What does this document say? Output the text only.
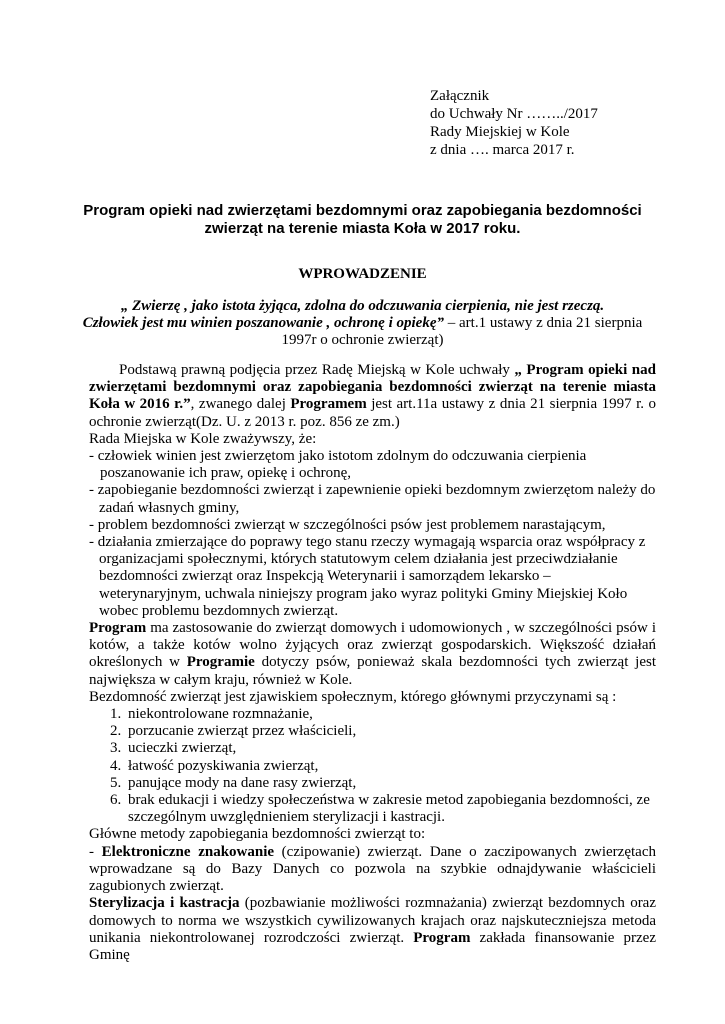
Załącznik
do Uchwały Nr ……../2017
Rady Miejskiej w Kole
z dnia …. marca 2017 r.
Program opieki nad zwierzętami bezdomnymi oraz zapobiegania bezdomności
zwierząt na terenie miasta Koła w 2017 roku.
WPROWADZENIE
„ Zwierzę , jako istota żyjąca, zdolna do odczuwania cierpienia, nie jest rzeczą.
Człowiek jest mu winien poszanowanie , ochronę i opiekę” – art.1 ustawy z dnia 21 sierpnia
1997r o ochronie zwierząt)

Podstawą prawną podjęcia przez Radę Miejską w Kole uchwały „ Program opieki nad zwierzętami bezdomnymi oraz zapobiegania bezdomności zwierząt na terenie miasta Koła w 2016 r.”, zwanego dalej Programem jest art.11a ustawy z dnia 21 sierpnia 1997 r. o ochronie zwierząt(Dz. U. z 2013 r. poz. 856 ze zm.)

Rada Miejska w Kole zważywszy, że:
- człowiek winien jest zwierzętom jako istotom zdolnym do odczuwania cierpienia poszanowanie ich praw, opiekę i ochronę,
- zapobieganie bezdomności zwierząt i zapewnienie opieki bezdomnym zwierzętom należy do zadań własnych gminy,
- problem bezdomności zwierząt w szczególności psów jest problemem narastającym,
- działania zmierzające do poprawy tego stanu rzeczy wymagają wsparcia oraz współpracy z organizacjami społecznymi, których statutowym celem działania jest przeciwdziałanie bezdomności zwierząt oraz Inspekcją Weterynarii i samorządem lekarsko – weterynaryjnym, uchwala niniejszy program jako wyraz polityki Gminy Miejskiej Koło wobec problemu bezdomnych zwierząt.

Program ma zastosowanie do zwierząt domowych i udomowionych , w szczególności psów i kotów, a także kotów wolno żyjących oraz zwierząt gospodarskich. Większość działań określonych w Programie dotyczy psów, ponieważ skala bezdomności tych zwierząt jest największa w całym kraju, również w Kole.

Bezdomność zwierząt jest zjawiskiem społecznym, którego głównymi przyczynami są :
1. niekontrolowane rozmnażanie,
2. porzucanie zwierząt przez właścicieli,
3. ucieczki zwierząt,
4. łatwość pozyskiwania zwierząt,
5. panujące mody na dane rasy zwierząt,
6. brak edukacji i wiedzy społeczeństwa w zakresie metod zapobiegania bezdomności, ze szczególnym uwzględnieniem sterylizacji i kastracji.
Główne metody zapobiegania bezdomności zwierząt to:

- Elektroniczne znakowanie (czipowanie) zwierząt. Dane o zaczipowanych zwierzętach wprowadzane są do Bazy Danych co pozwola na szybkie odnajdywanie właścicieli zagubionych zwierząt.

Sterylizacja i kastracja (pozbawianie możliwości rozmnażania) zwierząt bezdomnych oraz domowych to norma we wszystkich cywilizowanych krajach oraz najskuteczniejsza metoda unikania niekontrolowanej rozrodczości zwierząt. Program zakłada finansowanie przez Gminę
